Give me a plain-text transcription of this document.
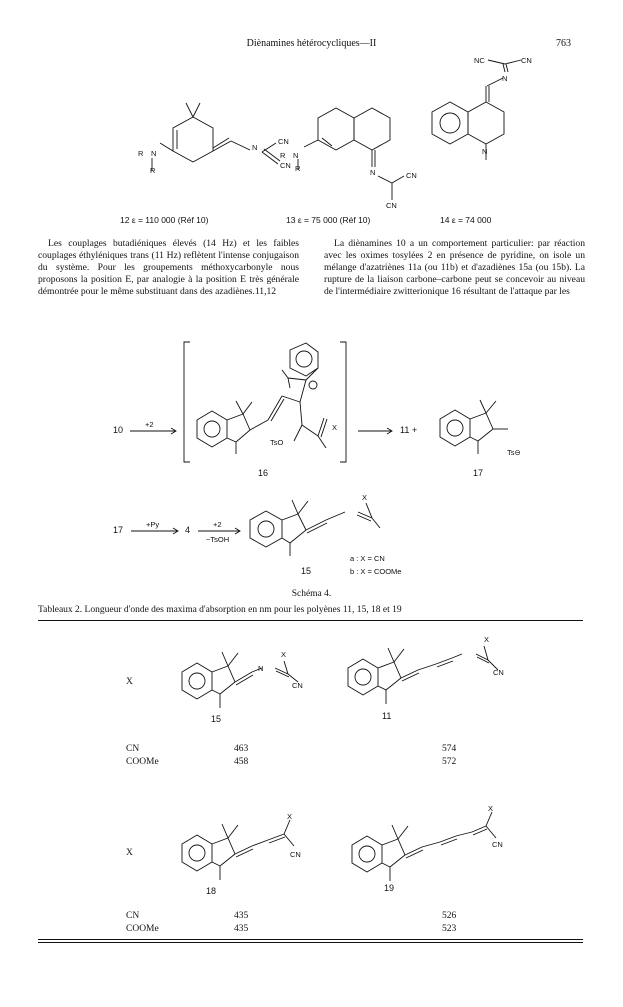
Diènamines hétérocycliques—II	763
R
R
N
N
CN
CN
R
R
N
N	CN
CN
NC	CN
N
N
12 ε = 110 000 (Réf 10)	13 ε = 75 000 (Réf 10)	14 ε = 74 000

Les couplages butadiéniques élevés (14 Hz) et les faibles couplages éthyléniques trans (11 Hz) reflètent l'intense conjugaison du système. Pour les groupements méthoxycarbonyle nous proposons la position E, par analogie à la position E très générale démontrée pour le même substituant dans des azadiènes.11,12

La diènamines 10 a un comportement particulier: par réaction avec les oximes tosylées 2 en présence de pyridine, on isole un mélange d'azatriènes 11a (ou 11b) et d'azadiènes 15a (ou 15b). La rupture de la liaison carbone–carbone peut se concevoir au niveau de l'intermédiaire zwitterionique 16 résultant de l'attaque par les

10
+2
TsO
X
16
11 +
Ts⊖
17
17
+Py
4
+2
−TsOH
X
15
a : X = CN
b : X = COOMe
Schéma 4.
Tableaux 2. Longueur d'onde des maxima d'absorption en nm pour les polyènes 11, 15, 18 et 19
X
N
X
CN
X
CN
15	11
CN	463	574
COOMe	458	572
X
X
CN
X
CN
18	19
CN	435	526
COOMe	435	523
